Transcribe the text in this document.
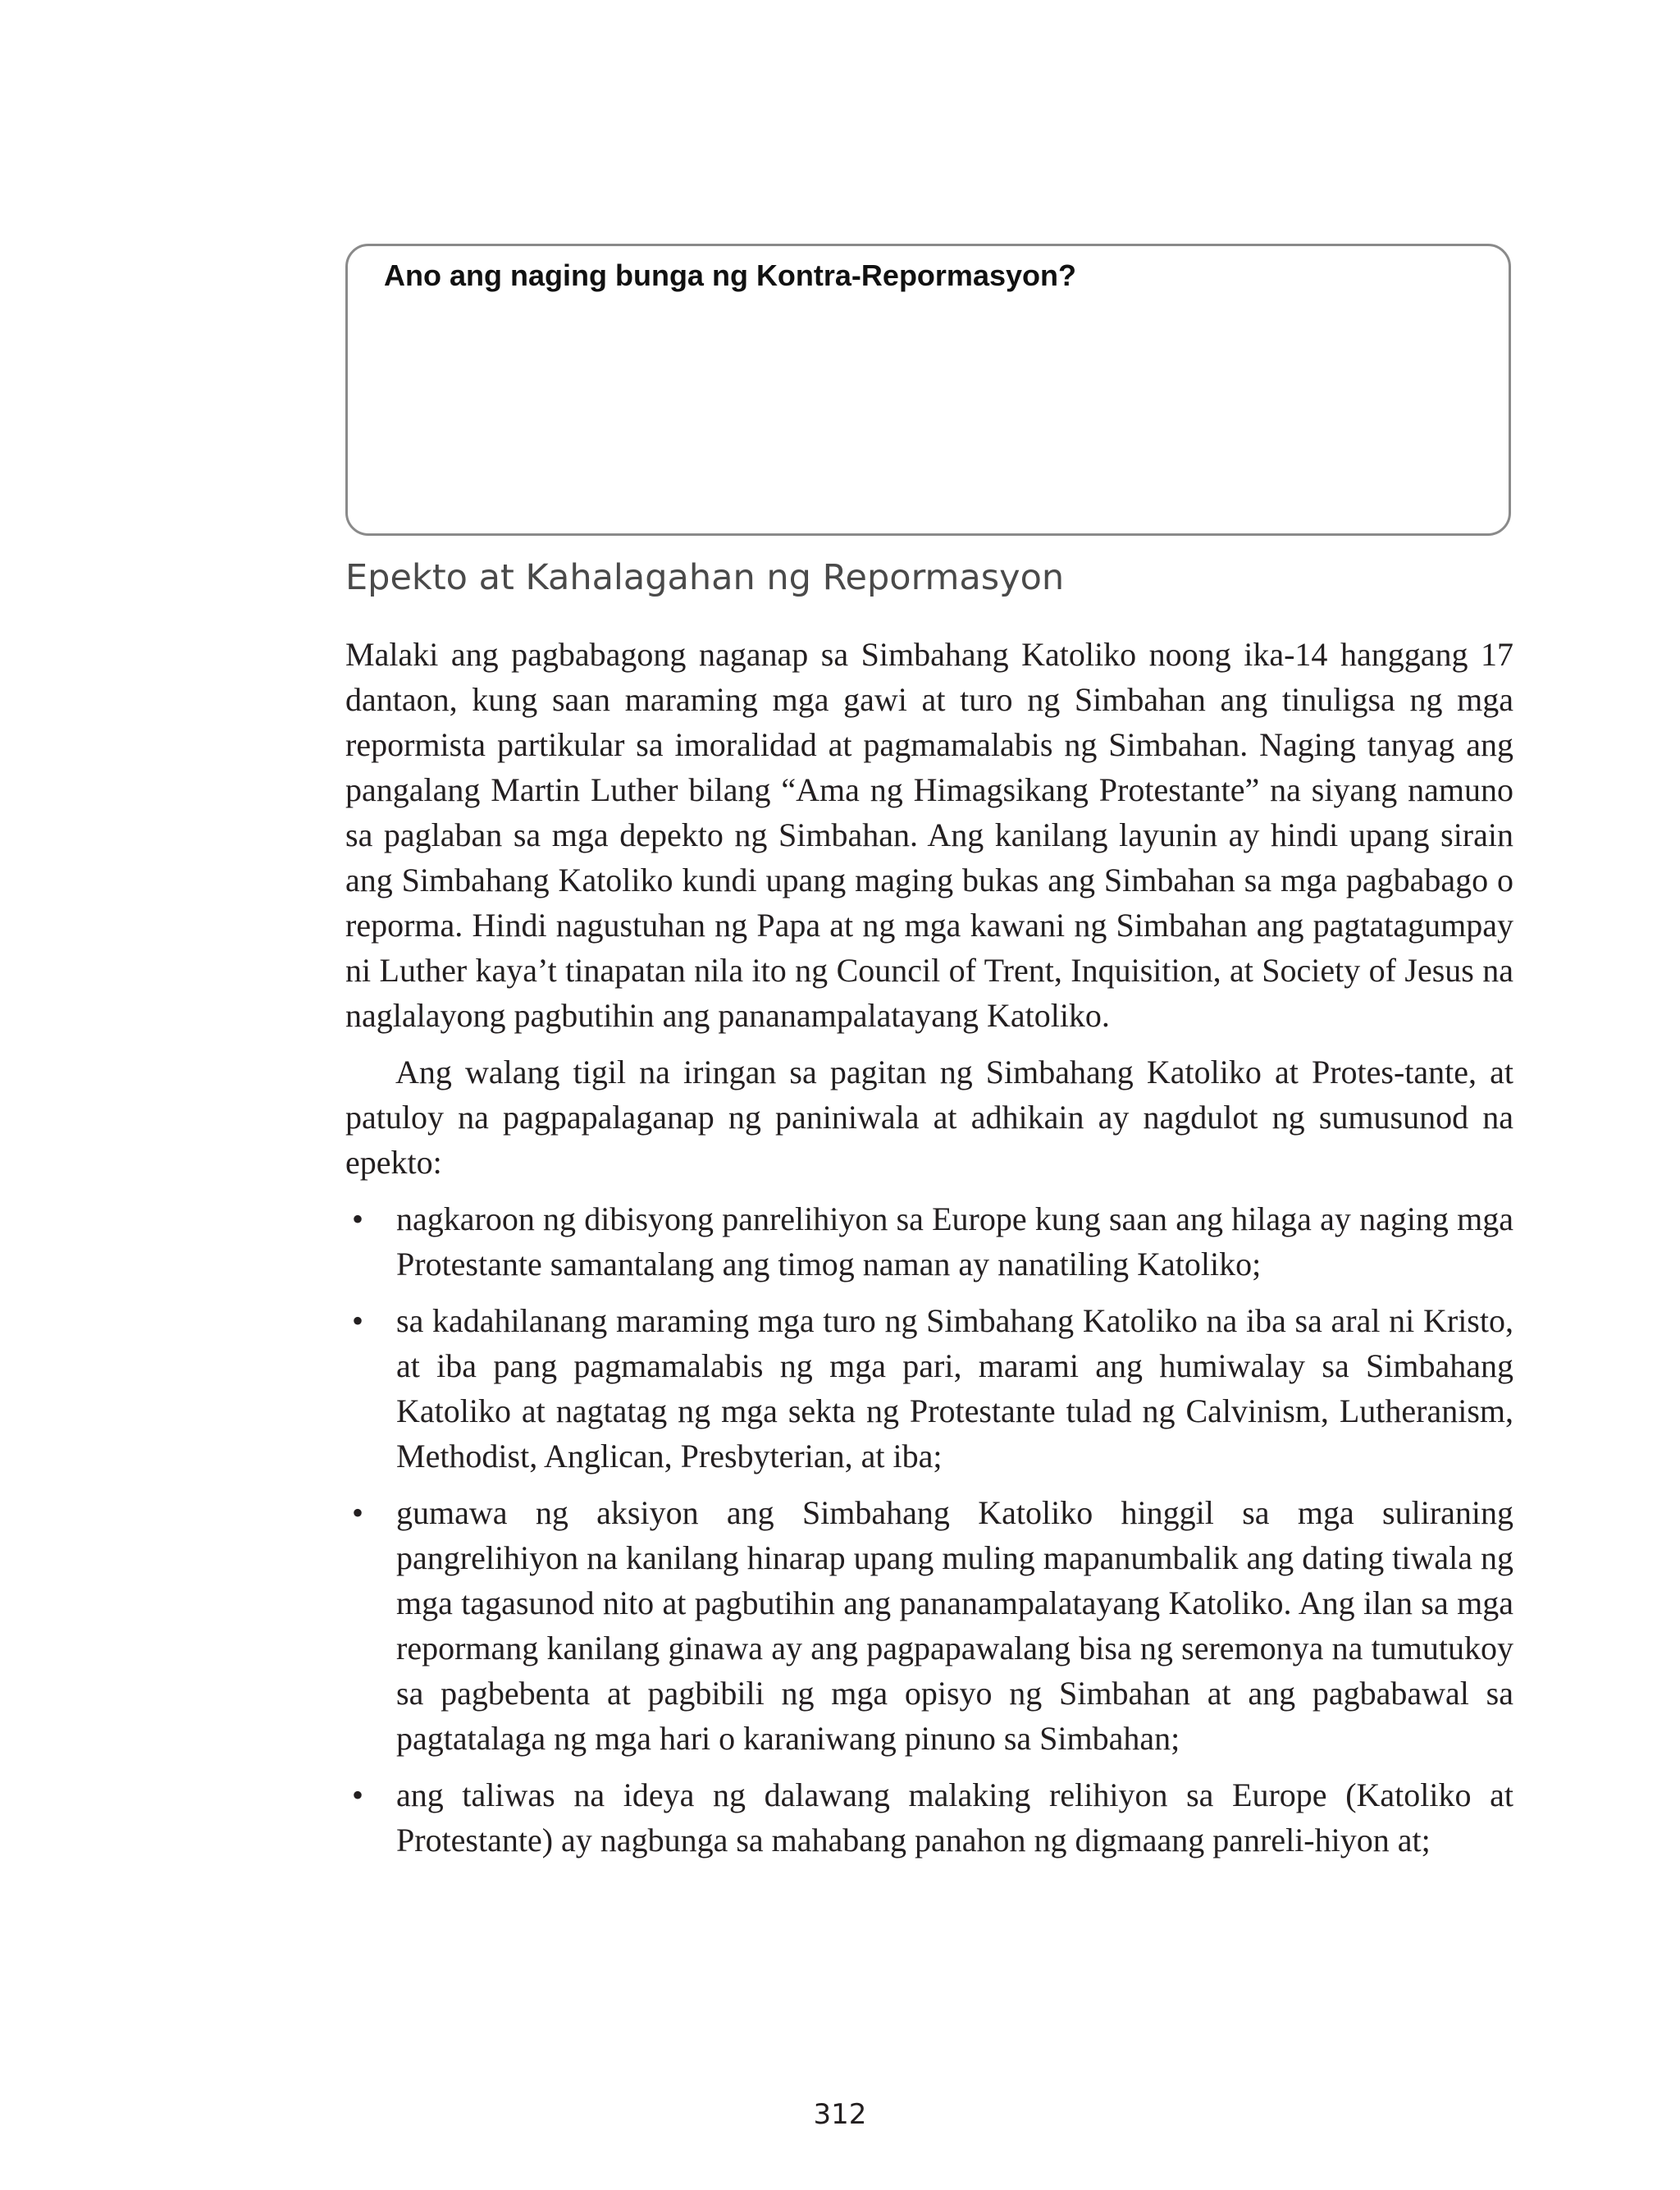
Ano ang naging bunga ng Kontra-Repormasyon?
Epekto at Kahalagahan ng Repormasyon

Malaki ang pagbabagong naganap sa Simbahang Katoliko noong ika-14 hanggang 17 dantaon, kung saan maraming mga gawi at turo ng Simbahan ang tinuligsa ng mga repormista partikular sa imoralidad at pagmamalabis ng Simbahan. Naging tanyag ang pangalang Martin Luther bilang “Ama ng Himagsikang Protestante” na siyang namuno sa paglaban sa mga depekto ng Simbahan. Ang kanilang layunin ay hindi upang sirain ang Simbahang Katoliko kundi upang maging bukas ang Simbahan sa mga pagbabago o reporma. Hindi nagustuhan ng Papa at ng mga kawani ng Simbahan ang pagtatagumpay ni Luther kaya’t tinapatan nila ito ng Council of Trent, Inquisition, at Society of Jesus na naglalayong pagbutihin ang pananampalatayang Katoliko.

Ang walang tigil na iringan sa pagitan ng Simbahang Katoliko at Protes-tante, at patuloy na pagpapalaganap ng paniniwala at adhikain ay nagdulot ng sumusunod na epekto:

• nagkaroon ng dibisyong panrelihiyon sa Europe kung saan ang hilaga ay naging mga Protestante samantalang ang timog naman ay nanatiling Katoliko;
• sa kadahilanang maraming mga turo ng Simbahang Katoliko na iba sa aral ni Kristo, at iba pang pagmamalabis ng mga pari, marami ang humiwalay sa Simbahang Katoliko at nagtatag ng mga sekta ng Protestante tulad ng Calvinism, Lutheranism, Methodist, Anglican, Presbyterian, at iba;
• gumawa ng aksiyon ang Simbahang Katoliko hinggil sa mga suliraning pangrelihiyon na kanilang hinarap upang muling mapanumbalik ang dating tiwala ng mga tagasunod nito at pagbutihin ang pananampalatayang Katoliko. Ang ilan sa mga repormang kanilang ginawa ay ang pagpapawalang bisa ng seremonya na tumutukoy sa pagbebenta at pagbibili ng mga opisyo ng Simbahan at ang pagbabawal sa pagtatalaga ng mga hari o karaniwang pinuno sa Simbahan;
• ang taliwas na ideya ng dalawang malaking relihiyon sa Europe (Katoliko at Protestante) ay nagbunga sa mahabang panahon ng digmaang panreli-hiyon at;
312
